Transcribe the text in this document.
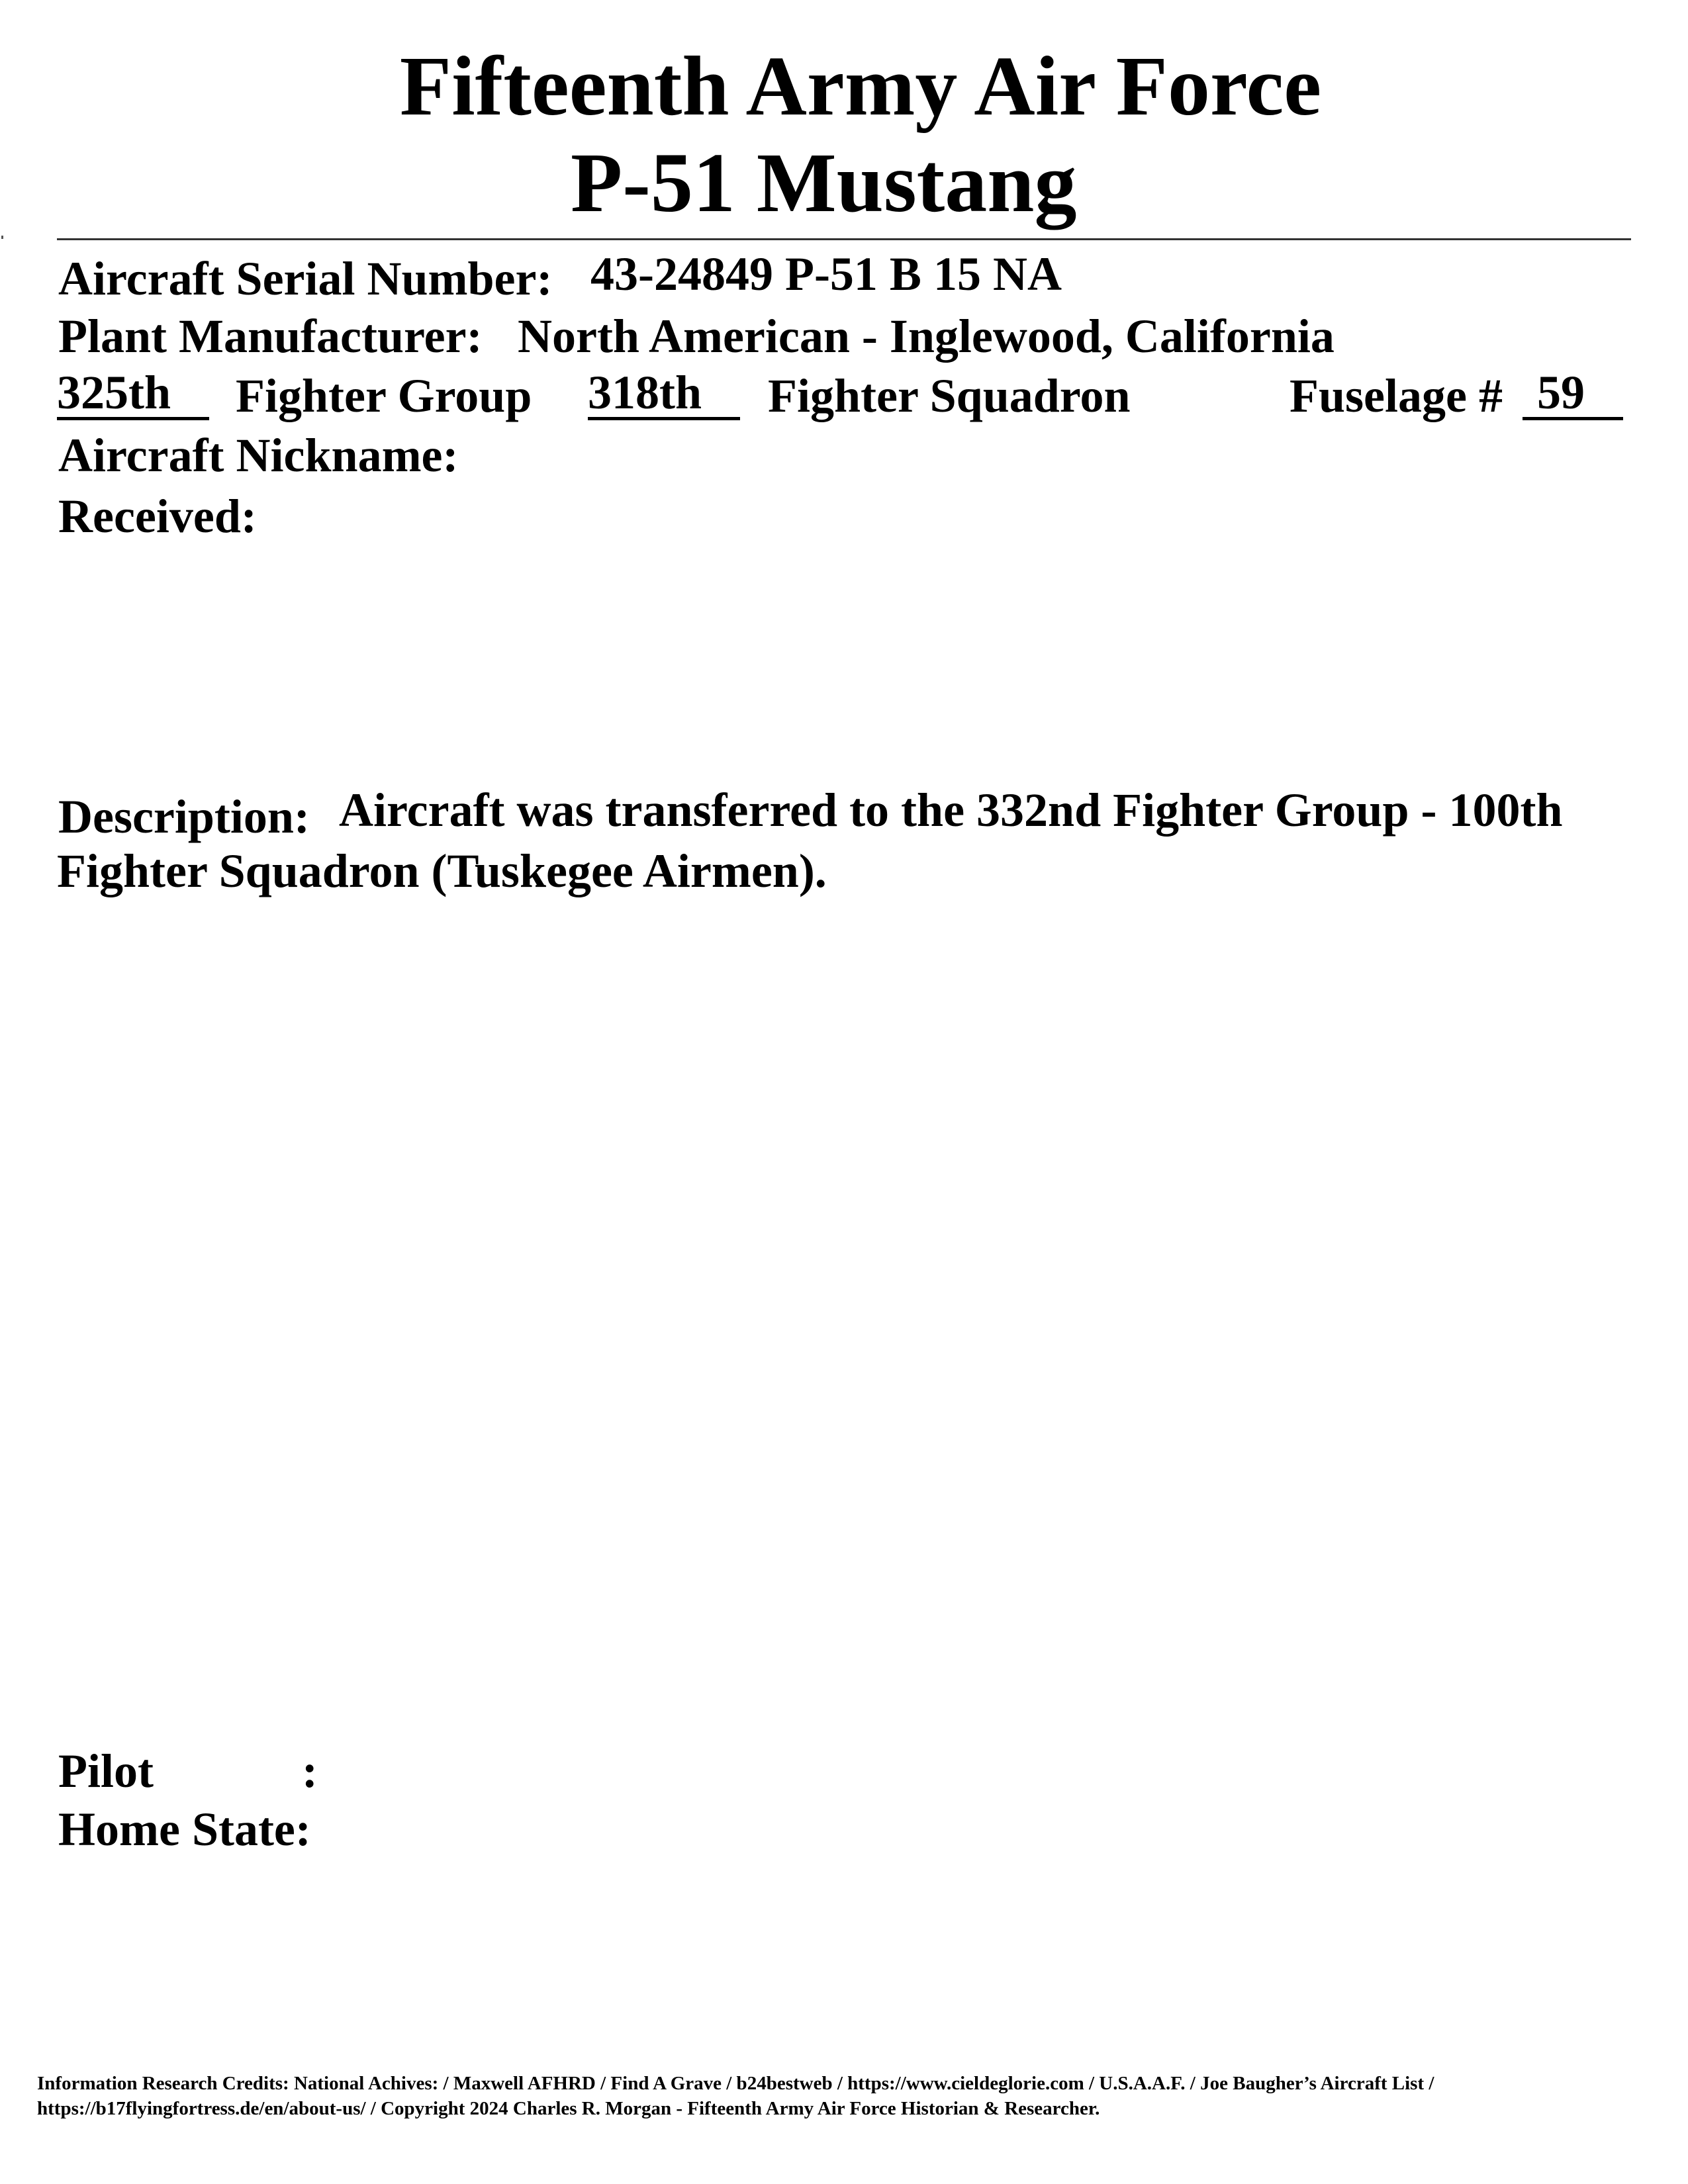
Fifteenth Army Air Force
P-51 Mustang
Aircraft Serial Number: 43-24849 P-51 B 15 NA
Plant Manufacturer: North American - Inglewood, California
325th	Fighter Group 318th	Fighter Squadron	Fuselage # 59
Aircraft Nickname:
Received:
Description: Aircraft was transferred to the 332nd Fighter Group - 100th
Fighter Squadron (Tuskegee Airmen).
Pilot	:
Home State:
Information Research Credits: National Achives: / Maxwell AFHRD / Find A Grave / b24bestweb / https://www.cieldeglorie.com / U.S.A.A.F. / Joe Baugher’s Aircraft List /
https://b17flyingfortress.de/en/about-us/ / Copyright 2024 Charles R. Morgan - Fifteenth Army Air Force Historian & Researcher.
